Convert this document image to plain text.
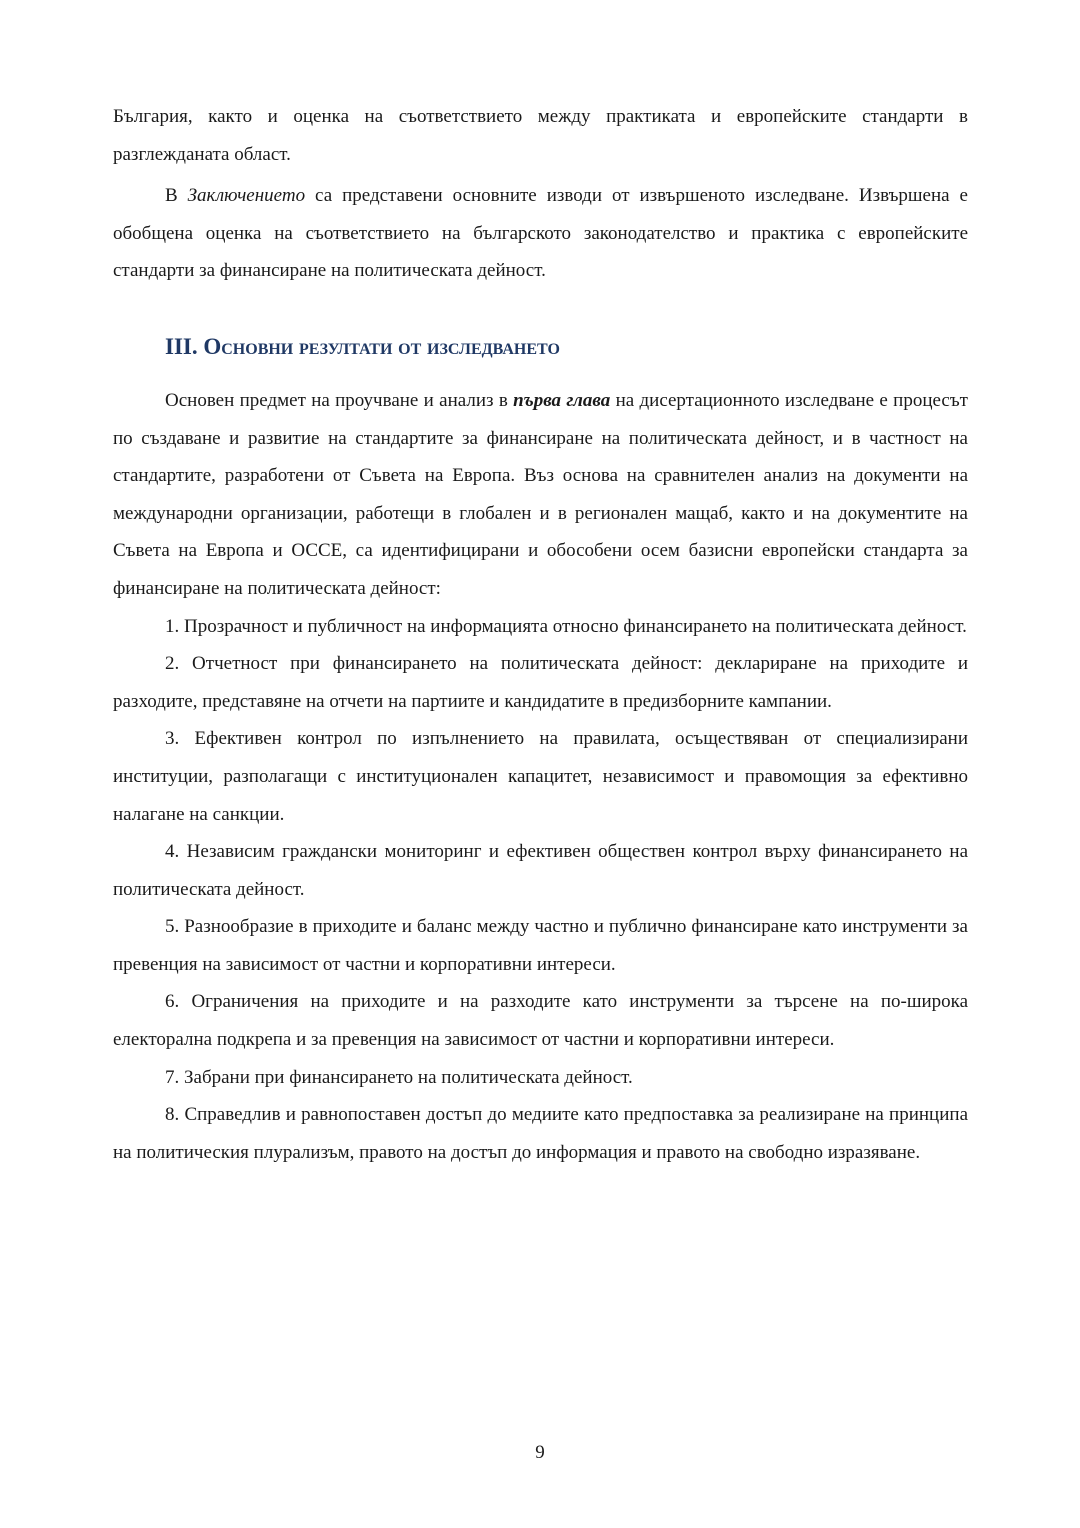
България, както и оценка на съответствието между практиката и европейските стандарти в разглежданата област.

В Заключението са представени основните изводи от извършеното изследване. Извършена е обобщена оценка на съответствието на българското законодателство и практика с европейските стандарти за финансиране на политическата дейност.

III. Основни резултати от изследването

Основен предмет на проучване и анализ в първа глава на дисертационното изследване е процесът по създаване и развитие на стандартите за финансиране на политическата дейност, и в частност на стандартите, разработени от Съвета на Европа. Въз основа на сравнителен анализ на документи на международни организации, работещи в глобален и в регионален мащаб, както и на документите на Съвета на Европа и ОССЕ, са идентифицирани и обособени осем базисни европейски стандарта за финансиране на политическата дейност:

1. Прозрачност и публичност на информацията относно финансирането на политическата дейност.

2. Отчетност при финансирането на политическата дейност: деклариране на приходите и разходите, представяне на отчети на партиите и кандидатите в предизборните кампании.

3. Ефективен контрол по изпълнението на правилата, осъществяван от специализирани институции, разполагащи с институционален капацитет, независимост и правомощия за ефективно налагане на санкции.

4. Независим граждански мониторинг и ефективен обществен контрол върху финансирането на политическата дейност.

5. Разнообразие в приходите и баланс между частно и публично финансиране като инструменти за превенция на зависимост от частни и корпоративни интереси.

6. Ограничения на приходите и на разходите като инструменти за търсене на по-широка електорална подкрепа и за превенция на зависимост от частни и корпоративни интереси.

7. Забрани при финансирането на политическата дейност.

8. Справедлив и равнопоставен достъп до медиите като предпоставка за реализиране на принципа на политическия плурализъм, правото на достъп до информация и правото на свободно изразяване.

9
